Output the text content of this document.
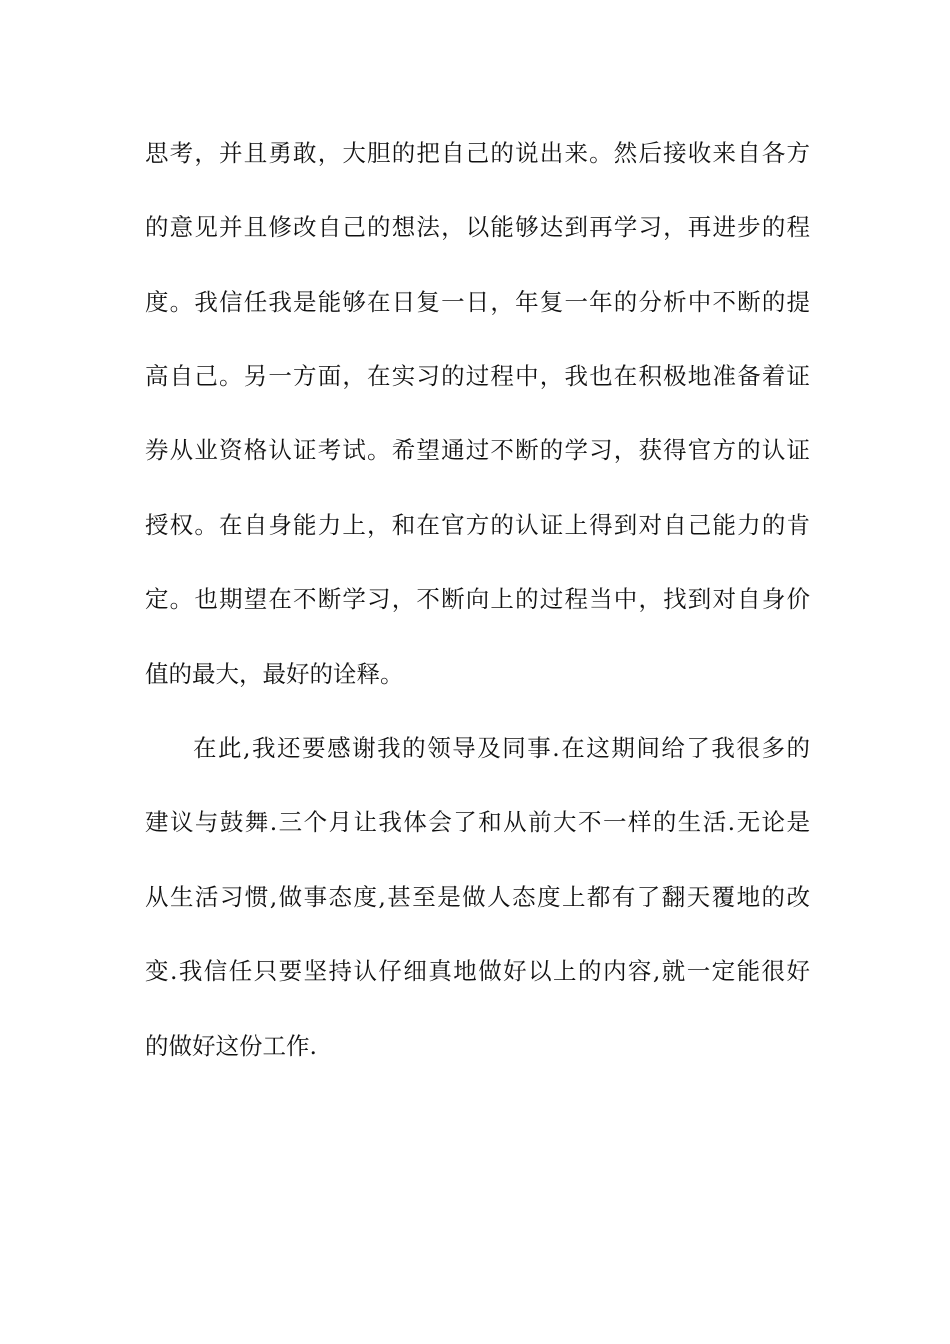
思考，并且勇敢，大胆的把自己的说出来。然后接收来自各方
的意见并且修改自己的想法，以能够达到再学习，再进步的程
度。我信任我是能够在日复一日，年复一年的分析中不断的提
高自己。另一方面，在实习的过程中，我也在积极地准备着证
券从业资格认证考试。希望通过不断的学习，获得官方的认证
授权。在自身能力上，和在官方的认证上得到对自己能力的肯
定。也期望在不断学习，不断向上的过程当中，找到对自身价
值的最大，最好的诠释。
在此,我还要感谢我的领导及同事.在这期间给了我很多的
建议与鼓舞.三个月让我体会了和从前大不一样的生活.无论是
从生活习惯,做事态度,甚至是做人态度上都有了翻天覆地的改
变.我信任只要坚持认仔细真地做好以上的内容,就一定能很好
的做好这份工作.
